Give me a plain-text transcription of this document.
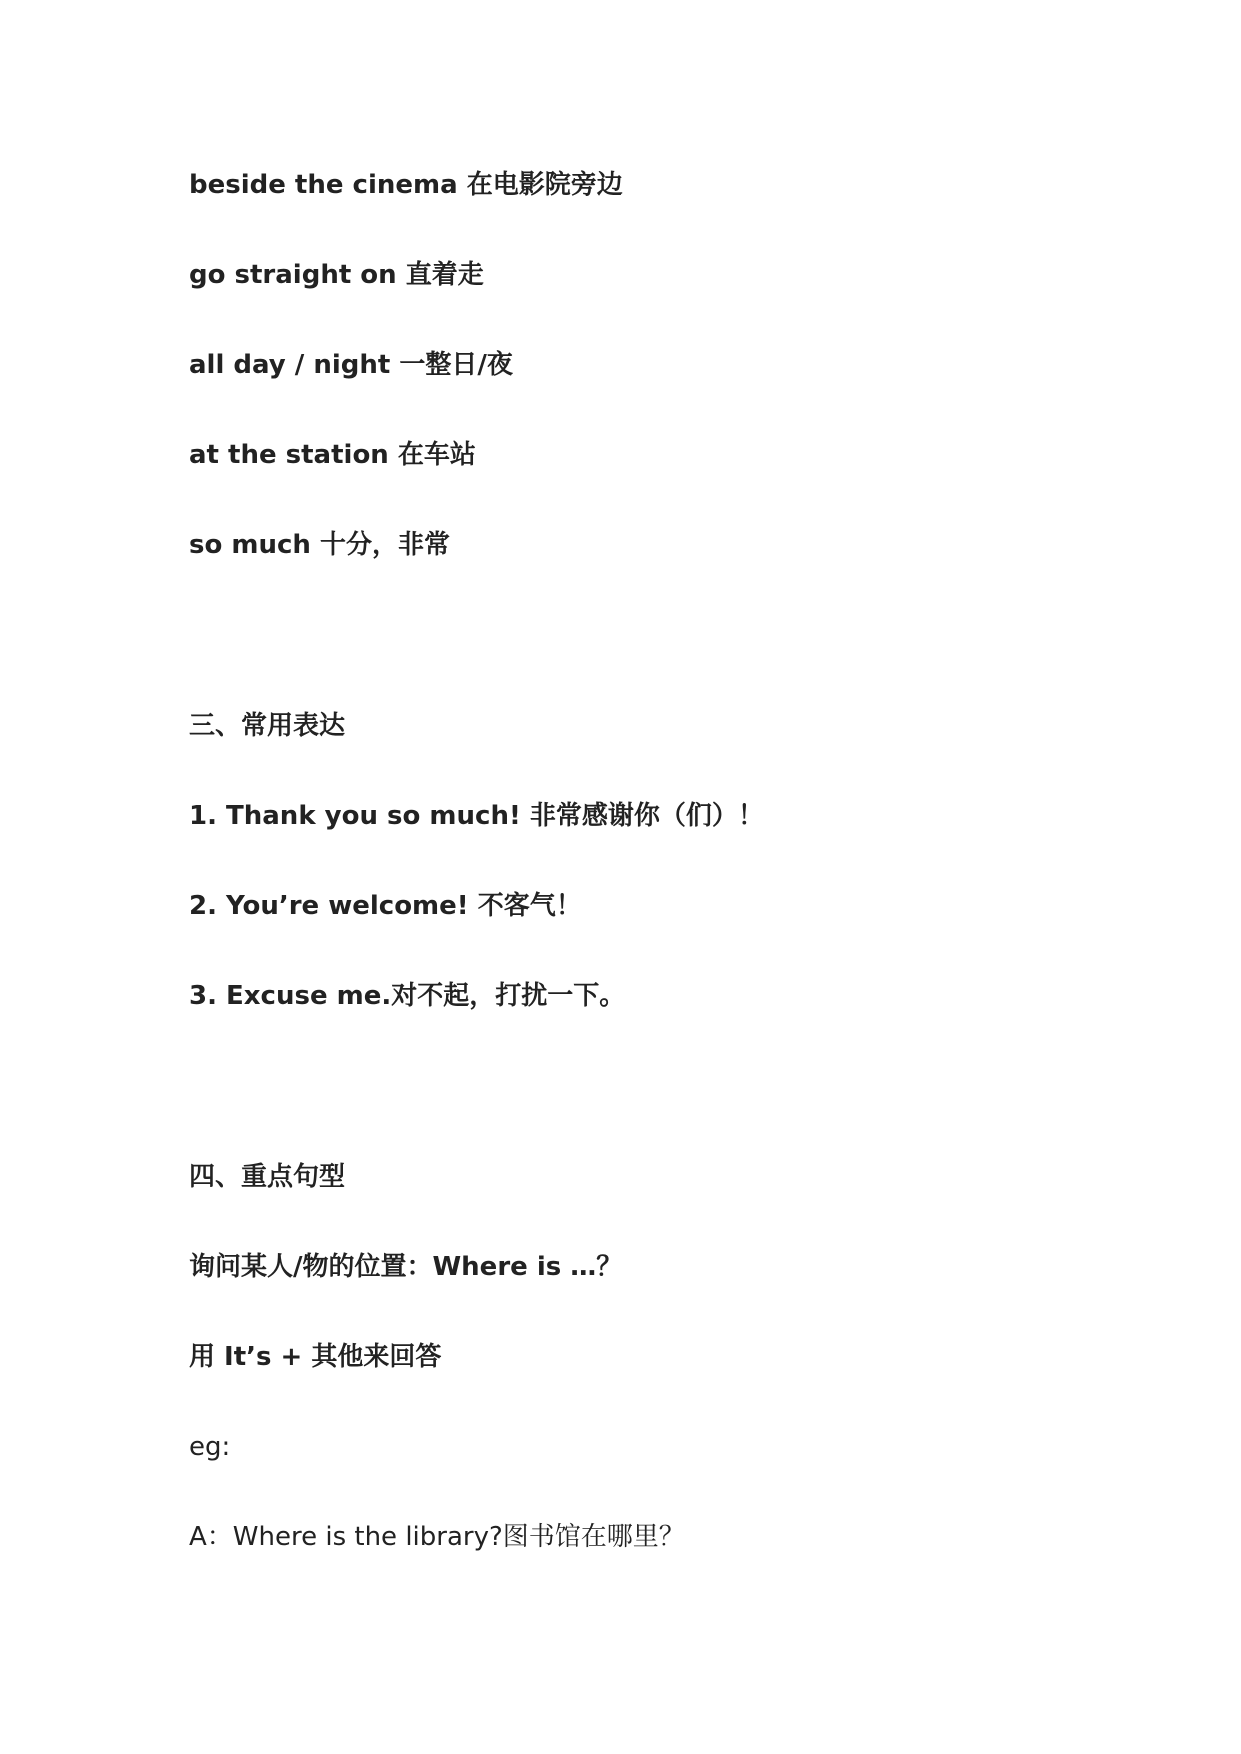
beside the cinema 在电影院旁边
go straight on 直着走
all day / night 一整日/夜
at the station 在车站
so much 十分，非常
三、常用表达
1. Thank you so much! 非常感谢你（们）！
2. You’re welcome! 不客气！
3. Excuse me.对不起，打扰一下。
四、重点句型
询问某人/物的位置：Where is …？
用 It’s + 其他来回答
eg:
A：Where is the library?图书馆在哪里？
